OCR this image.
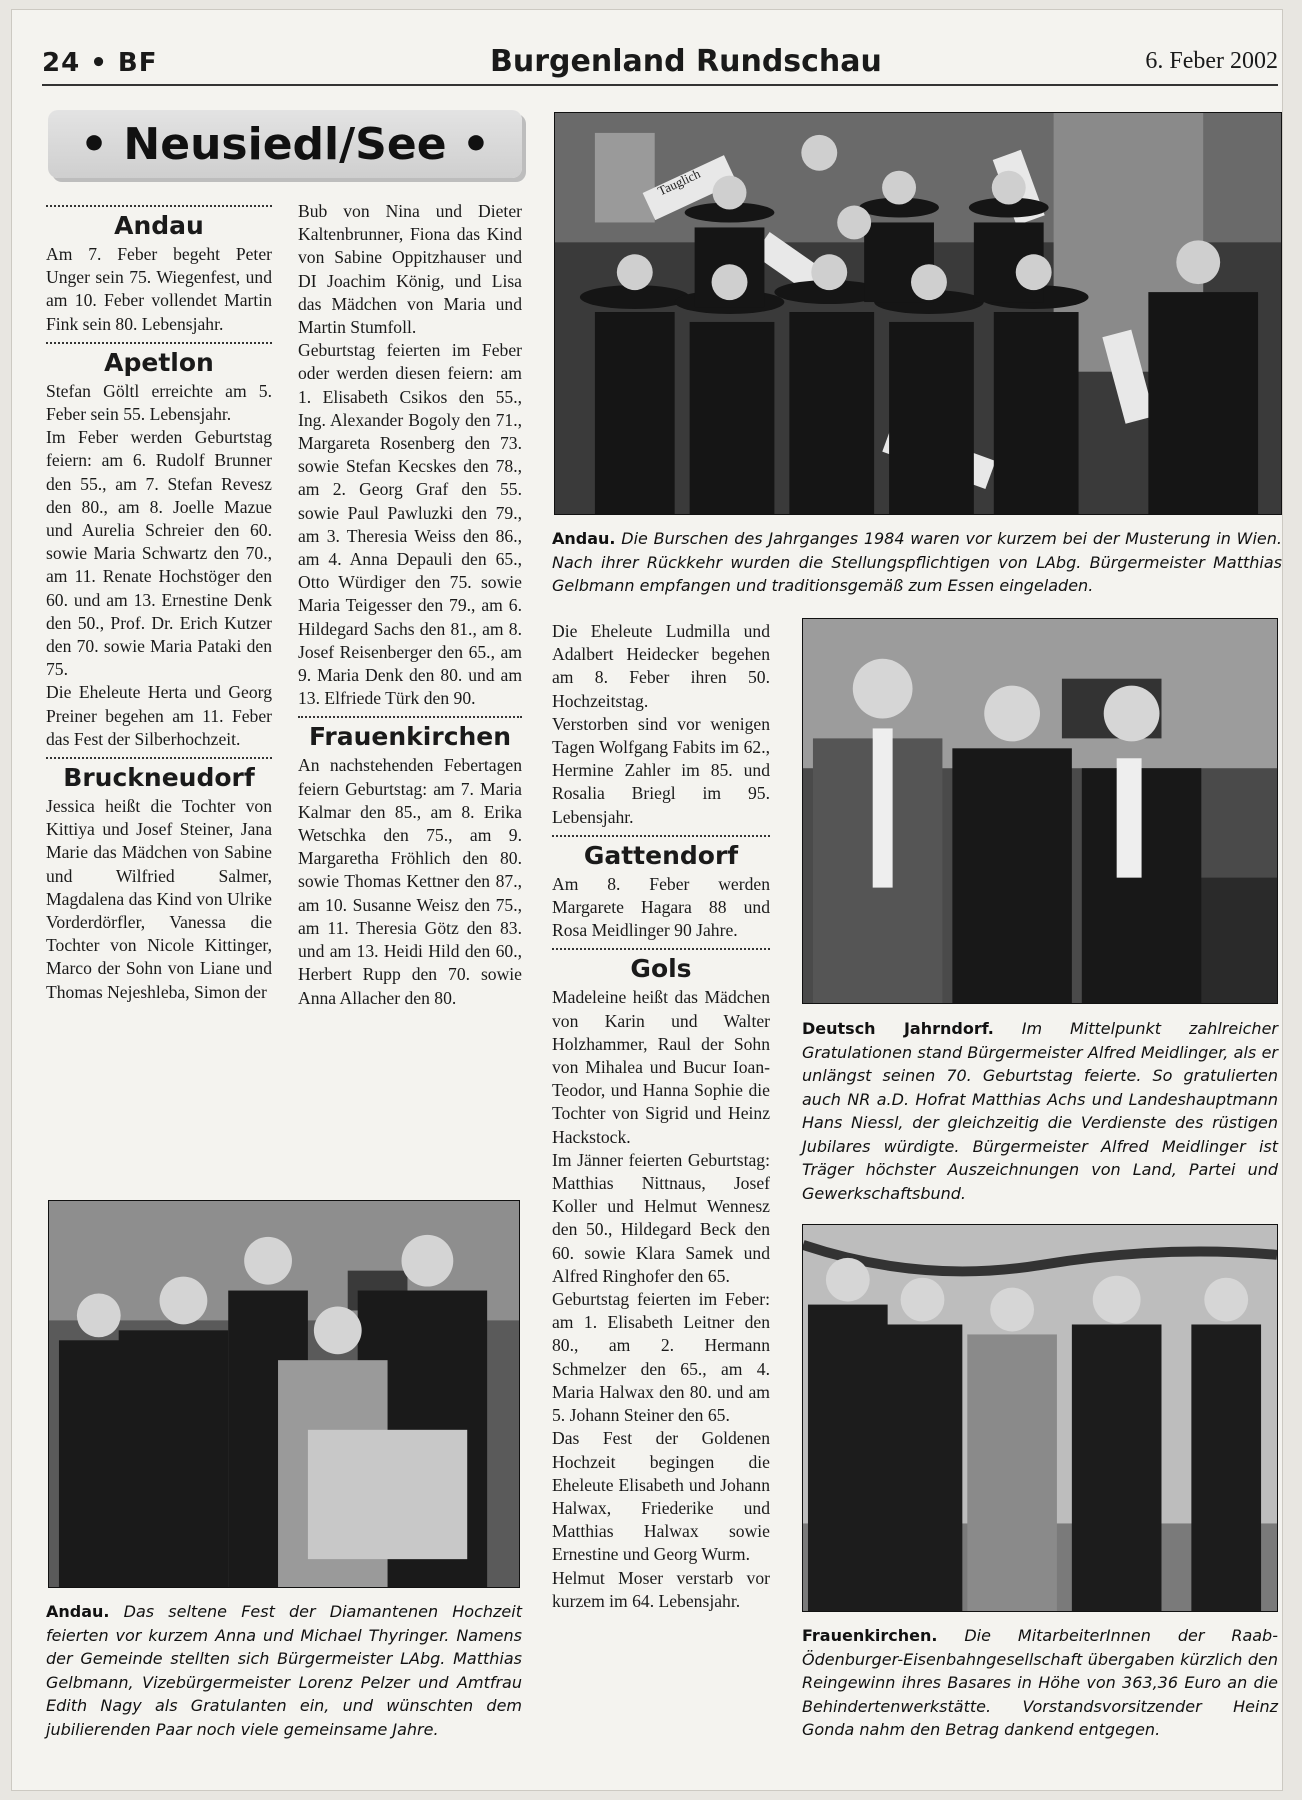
24 • BF	Burgenland Rundschau	6. Feber 2002
• Neusiedl/See •
Andau

Am 7. Feber begeht Peter Unger sein 75. Wiegenfest, und am 10. Feber vollendet Martin Fink sein 80. Lebensjahr.

Apetlon

Stefan Göltl erreichte am 5. Feber sein 55. Lebensjahr.

Im Feber werden Geburtstag feiern: am 6. Rudolf Brunner den 55., am 7. Stefan Revesz den 80., am 8. Joelle Mazue und Aurelia Schreier den 60. sowie Maria Schwartz den 70., am 11. Renate Hochstöger den 60. und am 13. Ernestine Denk den 50., Prof. Dr. Erich Kutzer den 70. sowie Maria Pataki den 75.

Die Eheleute Herta und Georg Preiner begehen am 11. Feber das Fest der Silberhochzeit.

Bruckneudorf

Jessica heißt die Tochter von Kittiya und Josef Steiner, Jana Marie das Mädchen von Sabine und Wilfried Salmer, Magdalena das Kind von Ulrike Vorderdörfler, Vanessa die Tochter von Nicole Kittinger, Marco der Sohn von Liane und Thomas Nejeshleba, Simon der

Bub von Nina und Dieter Kaltenbrunner, Fiona das Kind von Sabine Oppitzhauser und DI Joachim König, und Lisa das Mädchen von Maria und Martin Stumfoll.

Geburtstag feierten im Feber oder werden diesen feiern: am 1. Elisabeth Csikos den 55., Ing. Alexander Bogoly den 71., Margareta Rosenberg den 73. sowie Stefan Kecskes den 78., am 2. Georg Graf den 55. sowie Paul Pawluzki den 79., am 3. Theresia Weiss den 86., am 4. Anna Depauli den 65., Otto Würdiger den 75. sowie Maria Teigesser den 79., am 6. Hildegard Sachs den 81., am 8. Josef Reisenberger den 65., am 9. Maria Denk den 80. und am 13. Elfriede Türk den 90.

Frauenkirchen

An nachstehenden Febertagen feiern Geburtstag: am 7. Maria Kalmar den 85., am 8. Erika Wetschka den 75., am 9. Margaretha Fröhlich den 80. sowie Thomas Kettner den 87., am 10. Susanne Weisz den 75., am 11. Theresia Götz den 83. und am 13. Heidi Hild den 60., Herbert Rupp den 70. sowie Anna Allacher den 80.

Die Eheleute Ludmilla und Adalbert Heidecker begehen am 8. Feber ihren 50. Hochzeitstag.

Verstorben sind vor wenigen Tagen Wolfgang Fabits im 62., Hermine Zahler im 85. und Rosalia Briegl im 95. Lebensjahr.

Gattendorf

Am 8. Feber werden Margarete Hagara 88 und Rosa Meidlinger 90 Jahre.

Gols

Madeleine heißt das Mädchen von Karin und Walter Holzhammer, Raul der Sohn von Mihalea und Bucur Ioan-Teodor, und Hanna Sophie die Tochter von Sigrid und Heinz Hackstock.

Im Jänner feierten Geburtstag: Matthias Nittnaus, Josef Koller und Helmut Wennesz den 50., Hildegard Beck den 60. sowie Klara Samek und Alfred Ringhofer den 65.

Geburtstag feierten im Feber: am 1. Elisabeth Leitner den 80., am 2. Hermann Schmelzer den 65., am 4. Maria Halwax den 80. und am 5. Johann Steiner den 65.

Das Fest der Goldenen Hochzeit begingen die Eheleute Elisabeth und Johann Halwax, Friederike und Matthias Halwax sowie Ernestine und Georg Wurm.

Helmut Moser verstarb vor kurzem im 64. Lebensjahr.

Tauglich
Andau. Die Burschen des Jahrganges 1984 waren vor kurzem bei der Musterung in Wien. Nach ihrer Rückkehr wurden die Stellungspflichtigen von LAbg. Bürgermeister Matthias Gelbmann empfangen und traditionsgemäß zum Essen eingeladen.
Deutsch Jahrndorf. Im Mittelpunkt zahlreicher Gratulationen stand Bürgermeister Alfred Meidlinger, als er unlängst seinen 70. Geburtstag feierte. So gratulierten auch NR a.D. Hofrat Matthias Achs und Landeshauptmann Hans Niessl, der gleichzeitig die Verdienste des rüstigen Jubilares würdigte. Bürgermeister Alfred Meidlinger ist Träger höchster Auszeichnungen von Land, Partei und Gewerkschaftsbund.
Andau. Das seltene Fest der Diamantenen Hochzeit feierten vor kurzem Anna und Michael Thyringer. Namens der Gemeinde stellten sich Bürgermeister LAbg. Matthias Gelbmann, Vizebürgermeister Lorenz Pelzer und Amtfrau Edith Nagy als Gratulanten ein, und wünschten dem jubilierenden Paar noch viele gemeinsame Jahre.
Frauenkirchen. Die MitarbeiterInnen der Raab-Ödenburger-Eisenbahngesellschaft übergaben kürzlich den Reingewinn ihres Basares in Höhe von 363,36 Euro an die Behindertenwerkstätte. Vorstandsvorsitzender Heinz Gonda nahm den Betrag dankend entgegen.
